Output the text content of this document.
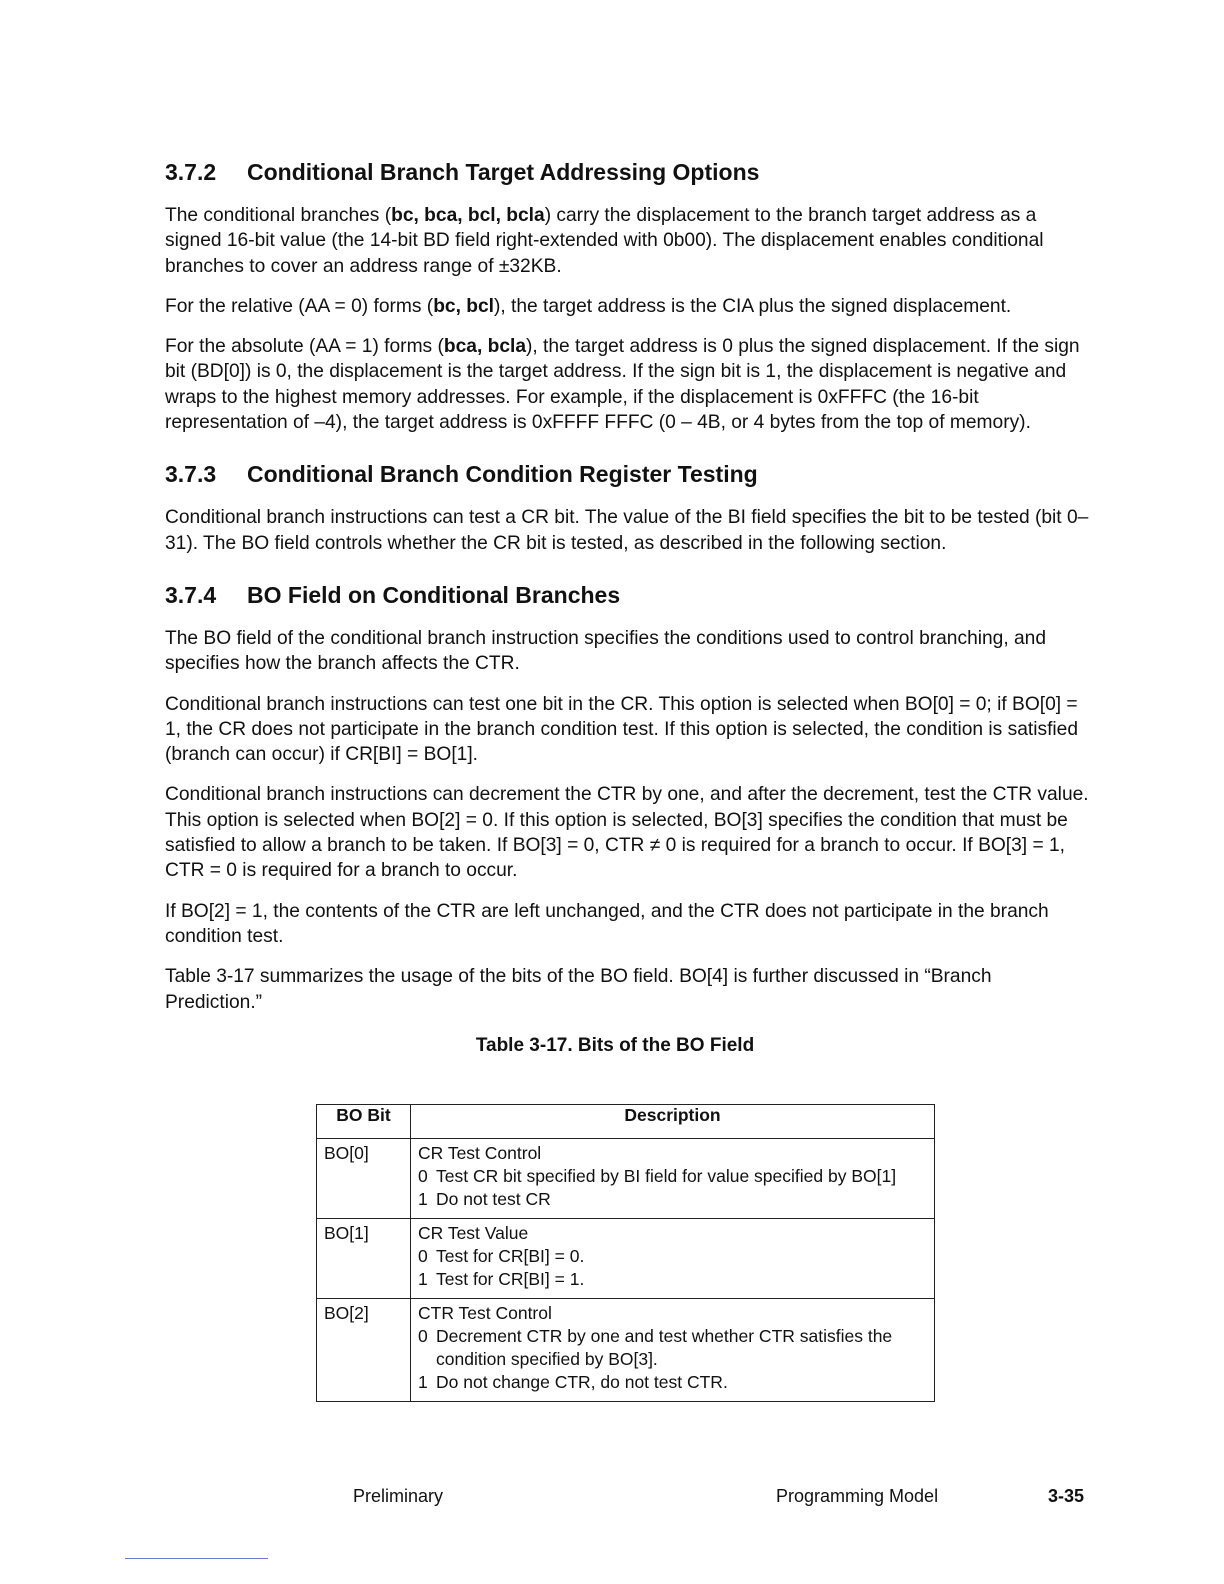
3.7.2 Conditional Branch Target Addressing Options

The conditional branches (bc, bca, bcl, bcla) carry the displacement to the branch target address as a signed 16-bit value (the 14-bit BD field right-extended with 0b00). The displacement enables conditional branches to cover an address range of ±32KB.

For the relative (AA = 0) forms (bc, bcl), the target address is the CIA plus the signed displacement.

For the absolute (AA = 1) forms (bca, bcla), the target address is 0 plus the signed displacement. If the sign bit (BD[0]) is 0, the displacement is the target address. If the sign bit is 1, the displacement is negative and wraps to the highest memory addresses. For example, if the displacement is 0xFFFC (the 16-bit representation of –4), the target address is 0xFFFF FFFC (0 – 4B, or 4 bytes from the top of memory).

3.7.3 Conditional Branch Condition Register Testing

Conditional branch instructions can test a CR bit. The value of the BI field specifies the bit to be tested (bit 0–31). The BO field controls whether the CR bit is tested, as described in the following section.

3.7.4 BO Field on Conditional Branches

The BO field of the conditional branch instruction specifies the conditions used to control branching, and specifies how the branch affects the CTR.

Conditional branch instructions can test one bit in the CR. This option is selected when BO[0] = 0; if BO[0] = 1, the CR does not participate in the branch condition test. If this option is selected, the condition is satisfied (branch can occur) if CR[BI] = BO[1].

Conditional branch instructions can decrement the CTR by one, and after the decrement, test the CTR value. This option is selected when BO[2] = 0. If this option is selected, BO[3] specifies the condition that must be satisfied to allow a branch to be taken. If BO[3] = 0, CTR ≠ 0 is required for a branch to occur. If BO[3] = 1, CTR = 0 is required for a branch to occur.

If BO[2] = 1, the contents of the CTR are left unchanged, and the CTR does not participate in the branch condition test.

Table 3-17 summarizes the usage of the bits of the BO field. BO[4] is further discussed in “Branch Prediction.”

Table 3-17. Bits of the BO Field
BO Bit	Description
BO[0]	CR Test Control
0 Test CR bit specified by BI field for value specified by BO[1]
1 Do not test CR

BO[1]	CR Test Value
0 Test for CR[BI] = 0.
1 Test for CR[BI] = 1.

BO[2]	CTR Test Control
0 Decrement CTR by one and test whether CTR satisfies the condition specified by BO[3].
1 Do not change CTR, do not test CTR.
Preliminary	Programming Model	3-35
